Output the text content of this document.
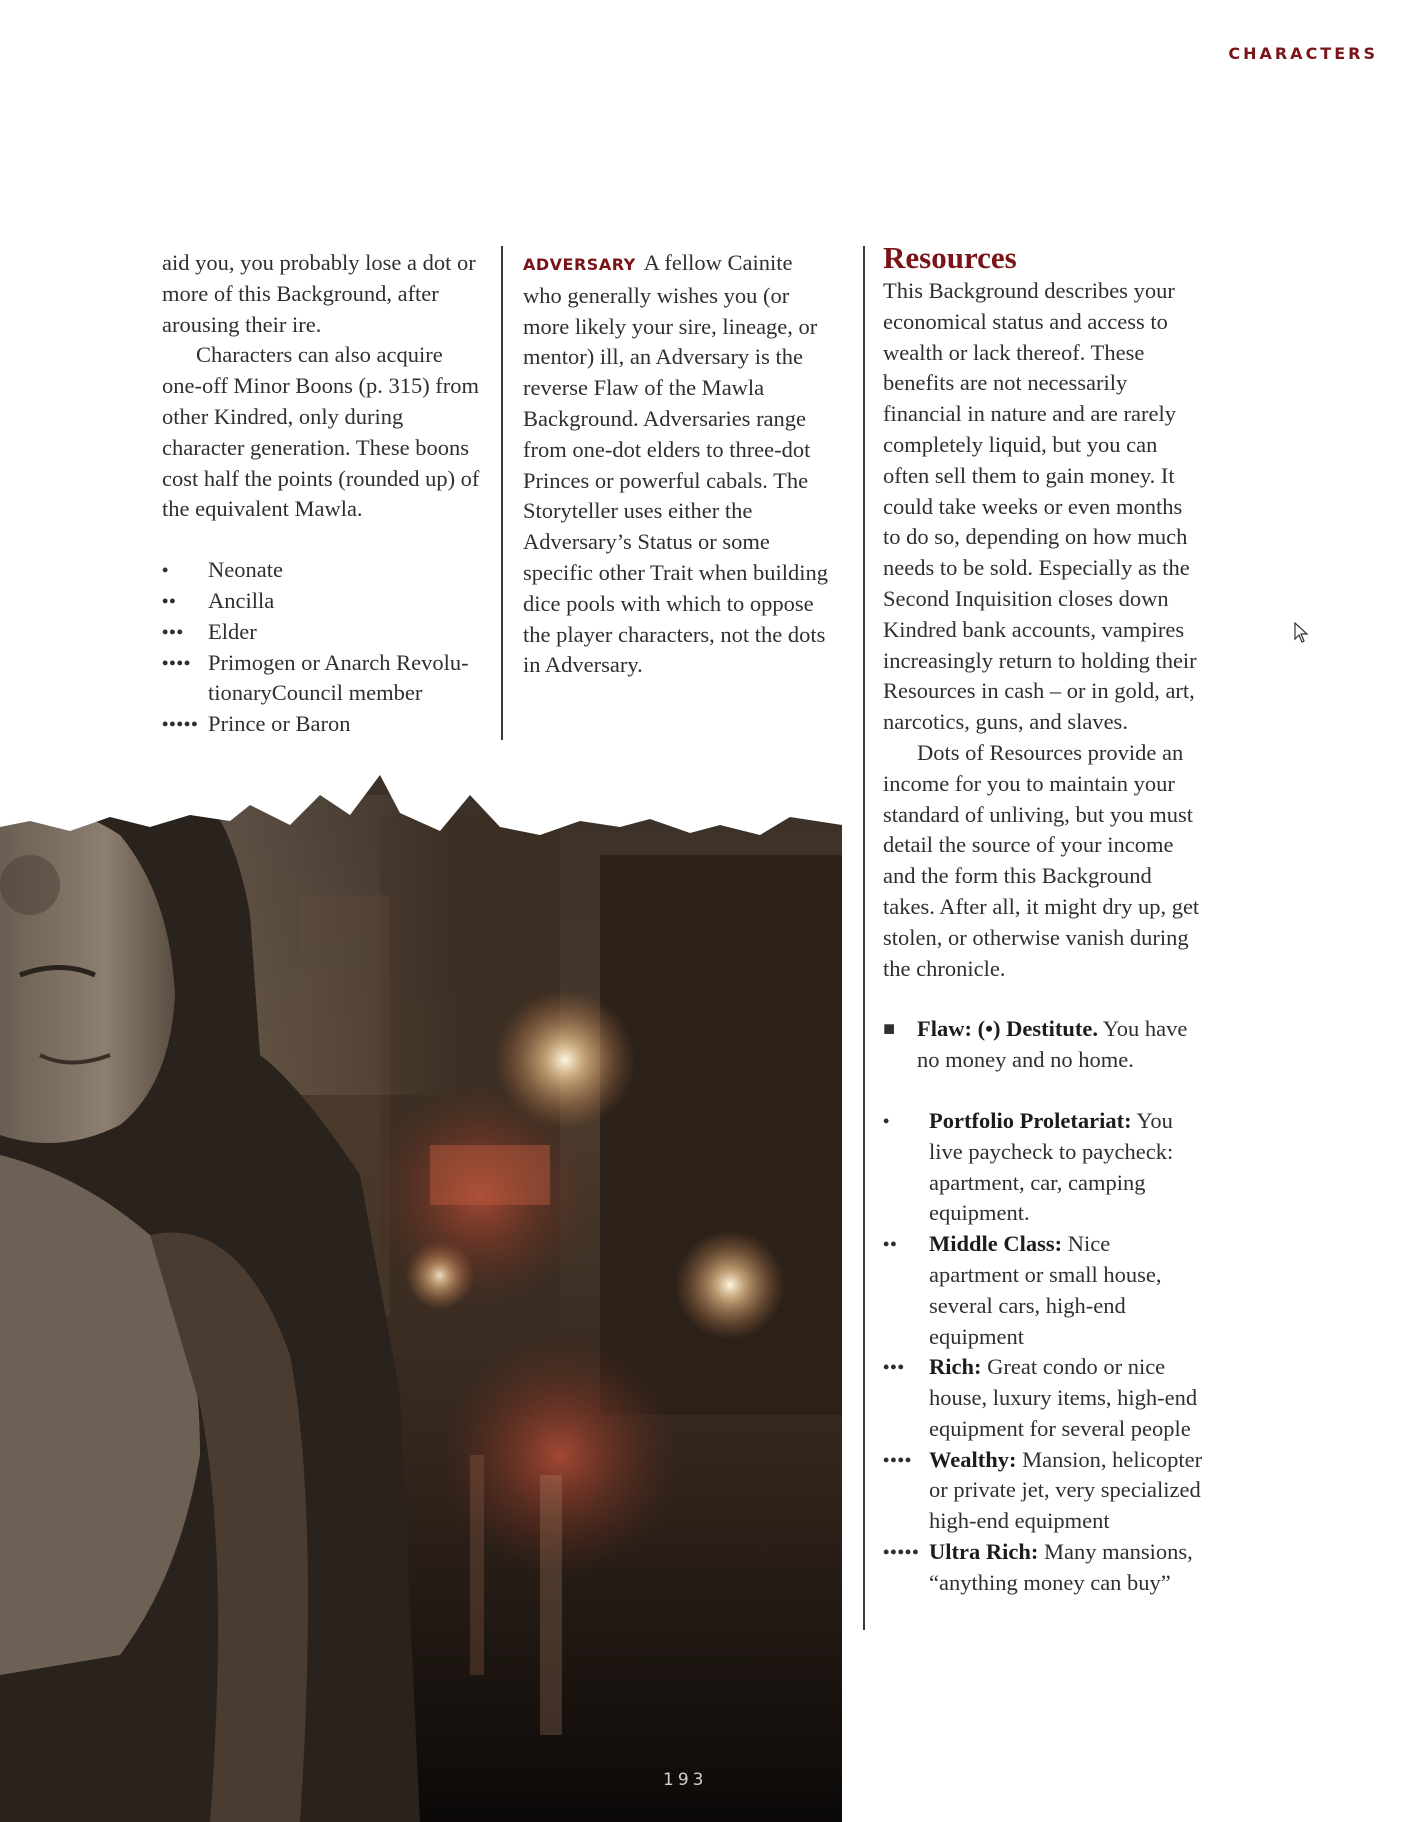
CHARACTERS

aid you, you probably lose a dot or more of this Background, after arousing their ire.

Characters can also acquire one-off Minor Boons (p. 315) from other Kindred, only during character generation. These boons cost half the points (rounded up) of the equivalent Mawla.

•	Neonate
••	Ancilla
•••	Elder
•••• Primogen or Anarch RevolutionaryCouncil member
••••• Prince or Baron

ADVERSARY A fellow Cainite who generally wishes you (or more likely your sire, lineage, or mentor) ill, an Adversary is the reverse Flaw of the Mawla Background. Adversaries range from one-dot elders to three-dot Princes or powerful cabals. The Storyteller uses either the Adversary’s Status or some specific other Trait when building dice pools with which to oppose the player characters, not the dots in Adversary.

Resources

This Background describes your economical status and access to wealth or lack thereof. These benefits are not necessarily financial in nature and are rarely completely liquid, but you can often sell them to gain money. It could take weeks or even months to do so, depending on how much needs to be sold. Especially as the Second Inquisition closes down Kindred bank accounts, vampires increasingly return to holding their Resources in cash – or in gold, art, narcotics, guns, and slaves.

Dots of Resources provide an income for you to maintain your standard of unliving, but you must detail the source of your income and the form this Background takes. After all, it might dry up, get stolen, or otherwise vanish during the chronicle.

■ Flaw: (•) Destitute. You have no money and no home.
•	Portfolio Proletariat: You live paycheck to paycheck: apartment, car, camping equipment.
••	Middle Class: Nice apartment or small house, several cars, high-end equipment
•••	Rich: Great condo or nice house, luxury items, high-end equipment for several people
•••• Wealthy: Mansion, helicopter or private jet, very specialized high-end equipment
••••• Ultra Rich: Many mansions, “anything money can buy”
193
